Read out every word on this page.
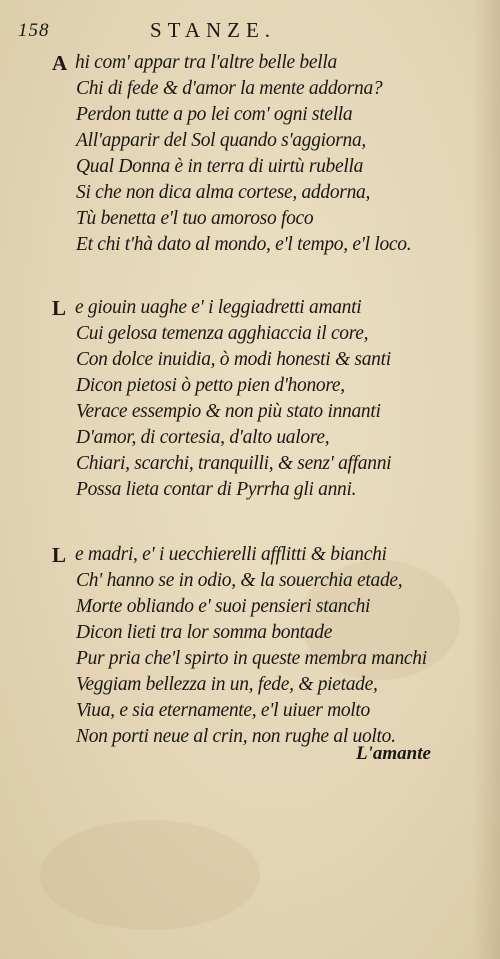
158	STANZE.
A hi com' appar tra l'altre belle bella
Chi di fede & d'amor la mente addorna?
Perdon tutte a po lei com' ogni stella
All'apparir del Sol quando s'aggiorna,
Qual Donna è in terra di uirtù rubella
Si che non dica alma cortese, addorna,
Tù benetta e'l tuo amoroso foco
Et chi t'hà dato al mondo, e'l tempo, e'l loco.
L e giouin uaghe e' i leggiadretti amanti
Cui gelosa temenza agghiaccia il core,
Con dolce inuidia, ò modi honesti & santi
Dicon pietosi ò petto pien d'honore,
Verace essempio & non più stato innanti
D'amor, di cortesia, d'alto ualore,
Chiari, scarchi, tranquilli, & senz' affanni
Possa lieta contar di Pyrrha gli anni.
L e madri, e' i uecchierelli afflitti & bianchi
Ch' hanno se in odio, & la souerchia etade,
Morte obliando e' suoi pensieri stanchi
Dicon lieti tra lor somma bontade
Pur pria che'l spirto in queste membra manchi
Veggiam bellezza in un, fede, & pietade,
Viua, e sia eternamente, e'l uiuer molto
Non porti neue al crin, non rughe al uolto.
L'amante
